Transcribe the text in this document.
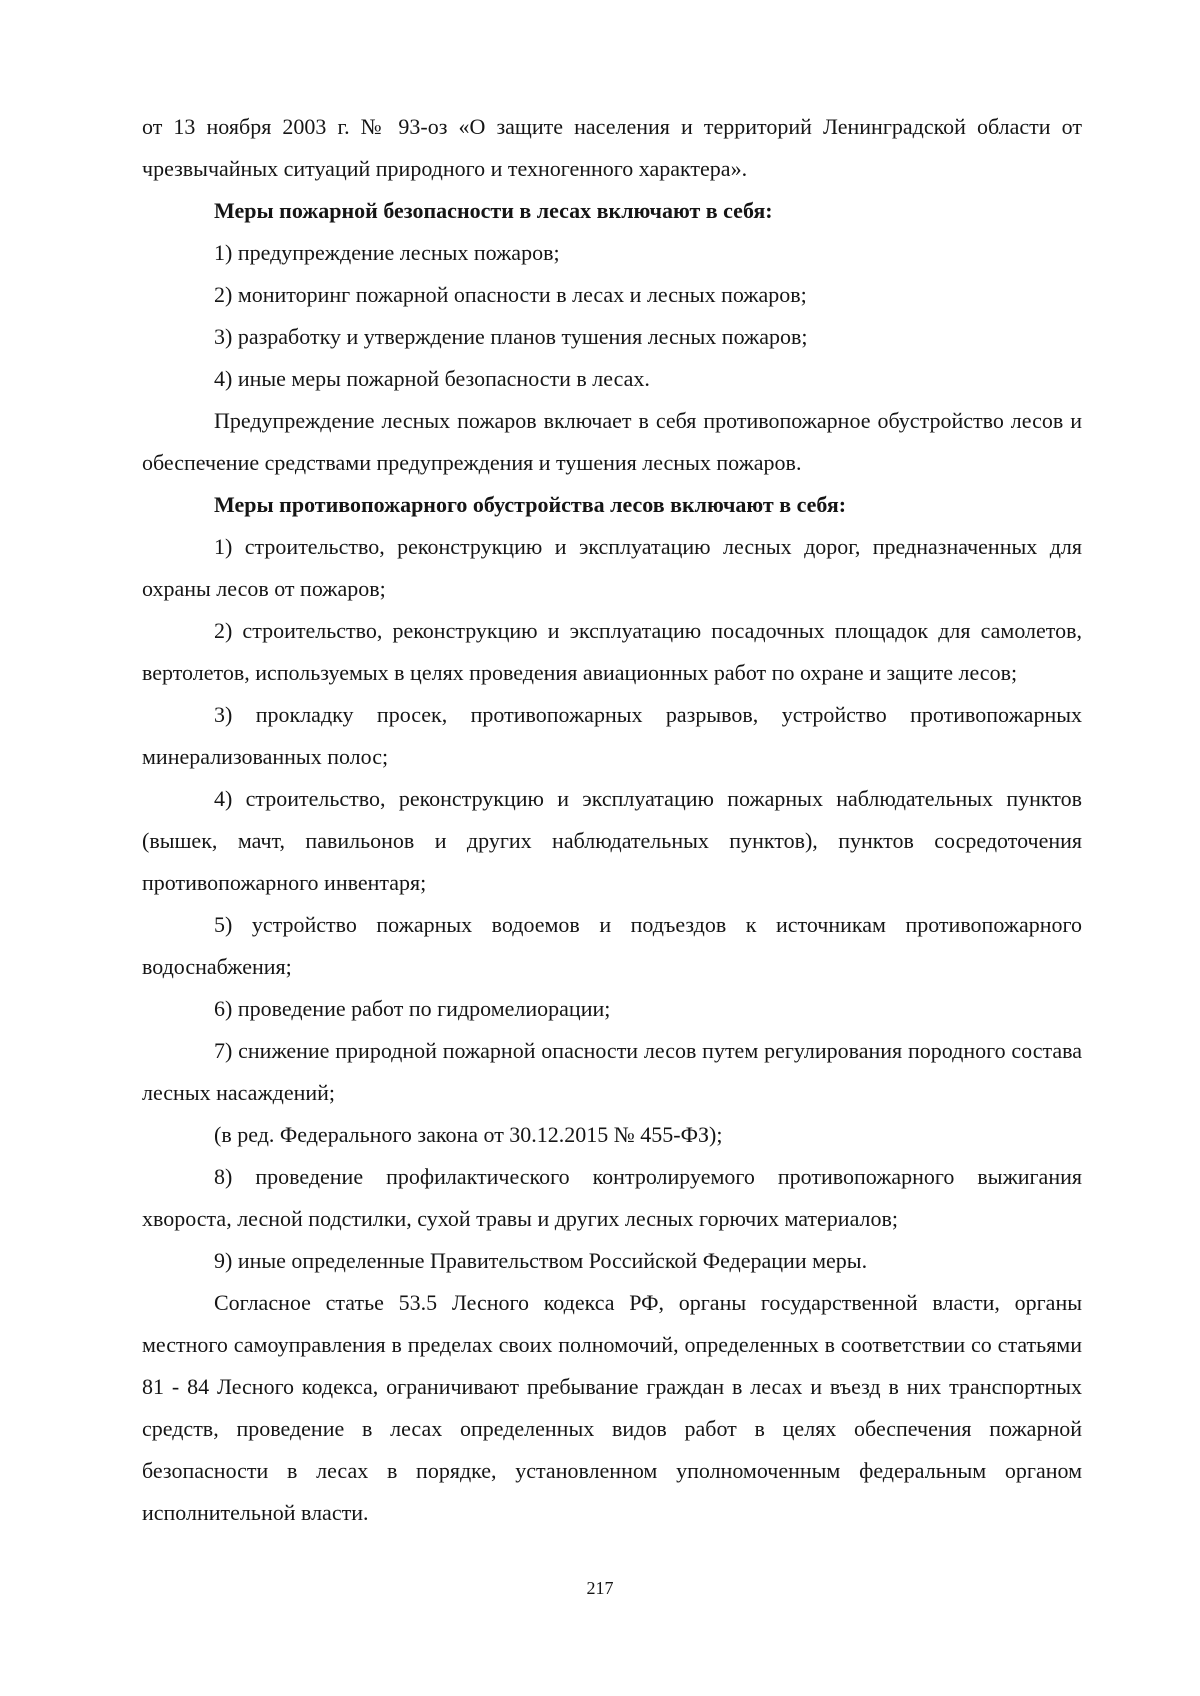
от 13 ноября 2003 г. № 93-оз «О защите населения и территорий Ленинградской области от чрезвычайных ситуаций природного и техногенного характера».

Меры пожарной безопасности в лесах включают в себя:

1) предупреждение лесных пожаров;

2) мониторинг пожарной опасности в лесах и лесных пожаров;

3) разработку и утверждение планов тушения лесных пожаров;

4) иные меры пожарной безопасности в лесах.

Предупреждение лесных пожаров включает в себя противопожарное обустройство лесов и обеспечение средствами предупреждения и тушения лесных пожаров.

Меры противопожарного обустройства лесов включают в себя:

1) строительство, реконструкцию и эксплуатацию лесных дорог, предназначенных для охраны лесов от пожаров;

2) строительство, реконструкцию и эксплуатацию посадочных площадок для самолетов, вертолетов, используемых в целях проведения авиационных работ по охране и защите лесов;

3) прокладку просек, противопожарных разрывов, устройство противопожарных минерализованных полос;

4) строительство, реконструкцию и эксплуатацию пожарных наблюдательных пунктов (вышек, мачт, павильонов и других наблюдательных пунктов), пунктов сосредоточения противопожарного инвентаря;

5) устройство пожарных водоемов и подъездов к источникам противопожарного водоснабжения;

6) проведение работ по гидромелиорации;

7) снижение природной пожарной опасности лесов путем регулирования породного состава лесных насаждений;

(в ред. Федерального закона от 30.12.2015 № 455-ФЗ);

8) проведение профилактического контролируемого противопожарного выжигания хвороста, лесной подстилки, сухой травы и других лесных горючих материалов;

9) иные определенные Правительством Российской Федерации меры.

Согласное статье 53.5 Лесного кодекса РФ, органы государственной власти, органы местного самоуправления в пределах своих полномочий, определенных в соответствии со статьями 81 - 84 Лесного кодекса, ограничивают пребывание граждан в лесах и въезд в них транспортных средств, проведение в лесах определенных видов работ в целях обеспечения пожарной безопасности в лесах в порядке, установленном уполномоченным федеральным органом исполнительной власти.

217
